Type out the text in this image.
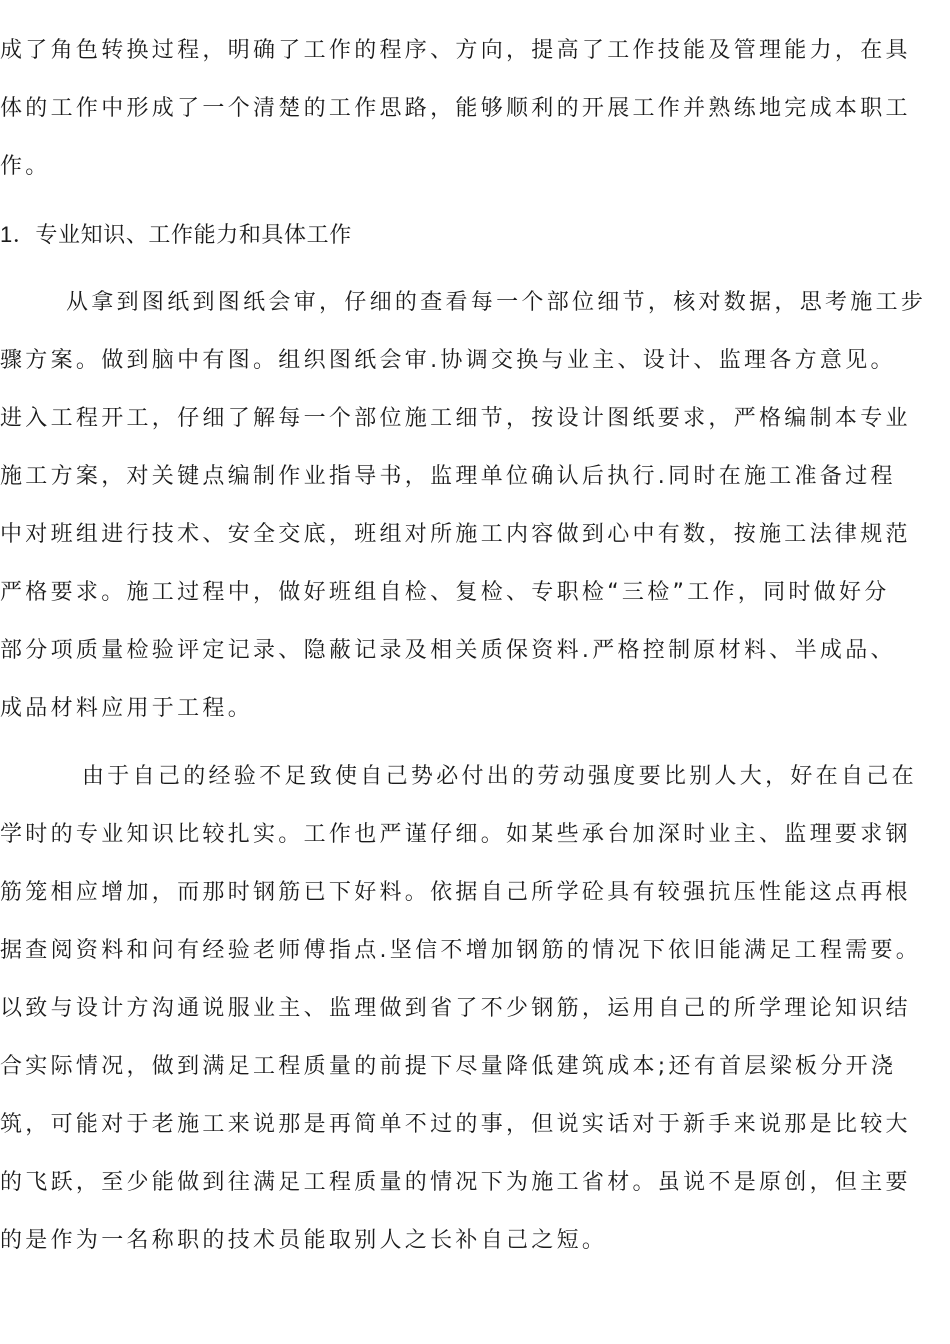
成了角色转换过程，明确了工作的程序、方向，提高了工作技能及管理能力，在具
体的工作中形成了一个清楚的工作思路，能够顺利的开展工作并熟练地完成本职工
作。
1．专业知识、工作能力和具体工作
从拿到图纸到图纸会审，仔细的查看每一个部位细节，核对数据，思考施工步
骤方案。做到脑中有图。组织图纸会审.协调交换与业主、设计、监理各方意见。
进入工程开工，仔细了解每一个部位施工细节，按设计图纸要求，严格编制本专业
施工方案，对关键点编制作业指导书，监理单位确认后执行.同时在施工准备过程
中对班组进行技术、安全交底，班组对所施工内容做到心中有数，按施工法律规范
严格要求。施工过程中，做好班组自检、复检、专职检“三检”工作，同时做好分
部分项质量检验评定记录、隐蔽记录及相关质保资料.严格控制原材料、半成品、
成品材料应用于工程。
由于自己的经验不足致使自己势必付出的劳动强度要比别人大，好在自己在
学时的专业知识比较扎实。工作也严谨仔细。如某些承台加深时业主、监理要求钢
筋笼相应增加，而那时钢筋已下好料。依据自己所学砼具有较强抗压性能这点再根
据查阅资料和问有经验老师傅指点.坚信不增加钢筋的情况下依旧能满足工程需要。
以致与设计方沟通说服业主、监理做到省了不少钢筋，运用自己的所学理论知识结
合实际情况，做到满足工程质量的前提下尽量降低建筑成本;还有首层梁板分开浇
筑，可能对于老施工来说那是再简单不过的事，但说实话对于新手来说那是比较大
的飞跃，至少能做到往满足工程质量的情况下为施工省材。虽说不是原创，但主要
的是作为一名称职的技术员能取别人之长补自己之短。
